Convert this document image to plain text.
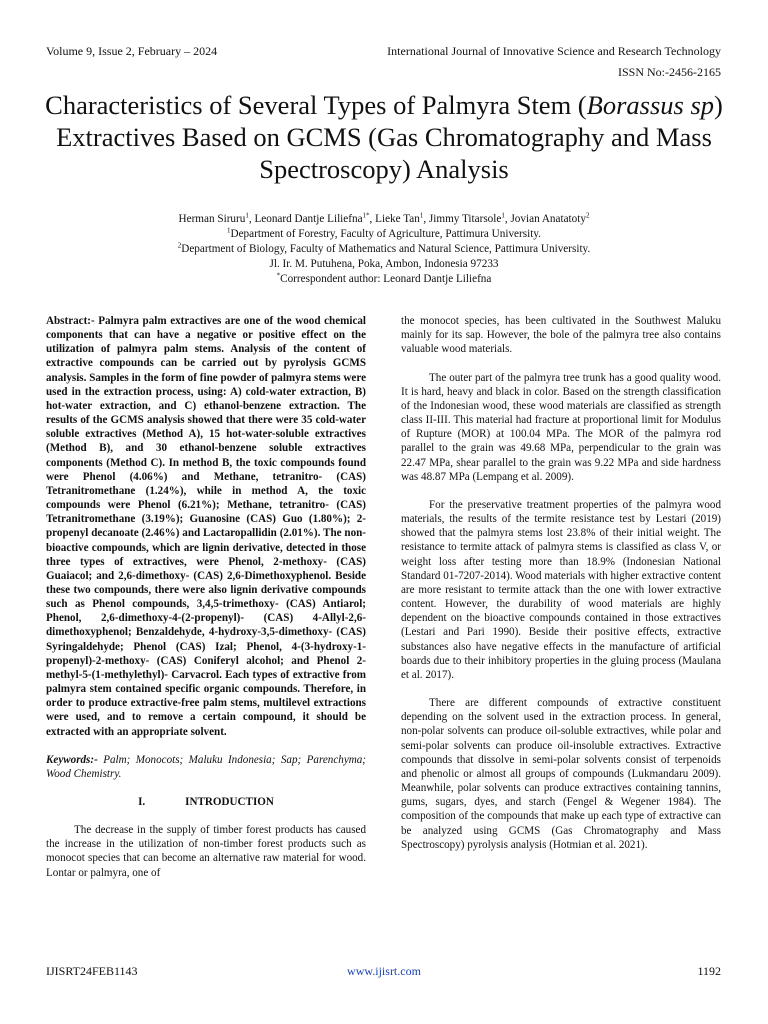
Volume 9, Issue 2, February – 2024	International Journal of Innovative Science and Research Technology
ISSN No:-2456-2165
Characteristics of Several Types of Palmyra Stem (Borassus sp) Extractives Based on GCMS (Gas Chromatography and Mass Spectroscopy) Analysis
Herman Siruru$^1$, Leonard Dantje Liliefna$^{1*}$, Lieke Tan$^1$, Jimmy Titarsole$^1$, Jovian Anatatoty$^2$
$^1$Department of Forestry, Faculty of Agriculture, Pattimura University.
$^2$Department of Biology, Faculty of Mathematics and Natural Science, Pattimura University.
Jl. Ir. M. Putuhena, Poka, Ambon, Indonesia 97233
*Correspondent author: Leonard Dantje Liliefna

Abstract:- Palmyra palm extractives are one of the wood chemical components that can have a negative or positive effect on the utilization of palmyra palm stems. Analysis of the content of extractive compounds can be carried out by pyrolysis GCMS analysis. Samples in the form of fine powder of palmyra stems were used in the extraction process, using: A) cold-water extraction, B) hot-water extraction, and C) ethanol-benzene extraction. The results of the GCMS analysis showed that there were 35 cold-water soluble extractives (Method A), 15 hot-water-soluble extractives (Method B), and 30 ethanol-benzene soluble extractives components (Method C). In method B, the toxic compounds found were Phenol (4.06%) and Methane, tetranitro- (CAS) Tetranitromethane (1.24%), while in method A, the toxic compounds were Phenol (6.21%); Methane, tetranitro- (CAS) Tetranitromethane (3.19%); Guanosine (CAS) Guo (1.80%); 2-propenyl decanoate (2.46%) and Lactaropallidin (2.01%). The non-bioactive compounds, which are lignin derivative, detected in those three types of extractives, were Phenol, 2-methoxy- (CAS) Guaiacol; and 2,6-dimethoxy- (CAS) 2,6-Dimethoxyphenol. Beside these two compounds, there were also lignin derivative compounds such as Phenol compounds, 3,4,5-trimethoxy- (CAS) Antiarol; Phenol, 2,6-dimethoxy-4-(2-propenyl)- (CAS) 4-Allyl-2,6-dimethoxyphenol; Benzaldehyde, 4-hydroxy-3,5-dimethoxy- (CAS) Syringaldehyde; Phenol (CAS) Izal; Phenol, 4-(3-hydroxy-1-propenyl)-2-methoxy- (CAS) Coniferyl alcohol; and Phenol 2-methyl-5-(1-methylethyl)- Carvacrol. Each types of extractive from palmyra stem contained specific organic compounds. Therefore, in order to produce extractive-free palm stems, multilevel extractions were used, and to remove a certain compound, it should be extracted with an appropriate solvent.

Keywords:- Palm; Monocots; Maluku Indonesia; Sap; Parenchyma; Wood Chemistry.

I.	INTRODUCTION

The decrease in the supply of timber forest products has caused the increase in the utilization of non-timber forest products such as monocot species that can become an alternative raw material for wood. Lontar or palmyra, one of

the monocot species, has been cultivated in the Southwest Maluku mainly for its sap. However, the bole of the palmyra tree also contains valuable wood materials.

The outer part of the palmyra tree trunk has a good quality wood. It is hard, heavy and black in color. Based on the strength classification of the Indonesian wood, these wood materials are classified as strength class II-III. This material had fracture at proportional limit for Modulus of Rupture (MOR) at 100.04 MPa. The MOR of the palmyra rod parallel to the grain was 49.68 MPa, perpendicular to the grain was 22.47 MPa, shear parallel to the grain was 9.22 MPa and side hardness was 48.87 MPa (Lempang et al. 2009).

For the preservative treatment properties of the palmyra wood materials, the results of the termite resistance test by Lestari (2019) showed that the palmyra stems lost 23.8% of their initial weight. The resistance to termite attack of palmyra stems is classified as class V, or weight loss after testing more than 18.9% (Indonesian National Standard 01-7207-2014). Wood materials with higher extractive content are more resistant to termite attack than the one with lower extractive content. However, the durability of wood materials are highly dependent on the bioactive compounds contained in those extractives (Lestari and Pari 1990). Beside their positive effects, extractive substances also have negative effects in the manufacture of artificial boards due to their inhibitory properties in the gluing process (Maulana et al. 2017).

There are different compounds of extractive constituent depending on the solvent used in the extraction process. In general, non-polar solvents can produce oil-soluble extractives, while polar and semi-polar solvents can produce oil-insoluble extractives. Extractive compounds that dissolve in semi-polar solvents consist of terpenoids and phenolic or almost all groups of compounds (Lukmandaru 2009). Meanwhile, polar solvents can produce extractives containing tannins, gums, sugars, dyes, and starch (Fengel & Wegener 1984). The composition of the compounds that make up each type of extractive can be analyzed using GCMS (Gas Chromatography and Mass Spectroscopy) pyrolysis analysis (Hotmian et al. 2021).

IJISRT24FEB1143	www.ijisrt.com	1192
